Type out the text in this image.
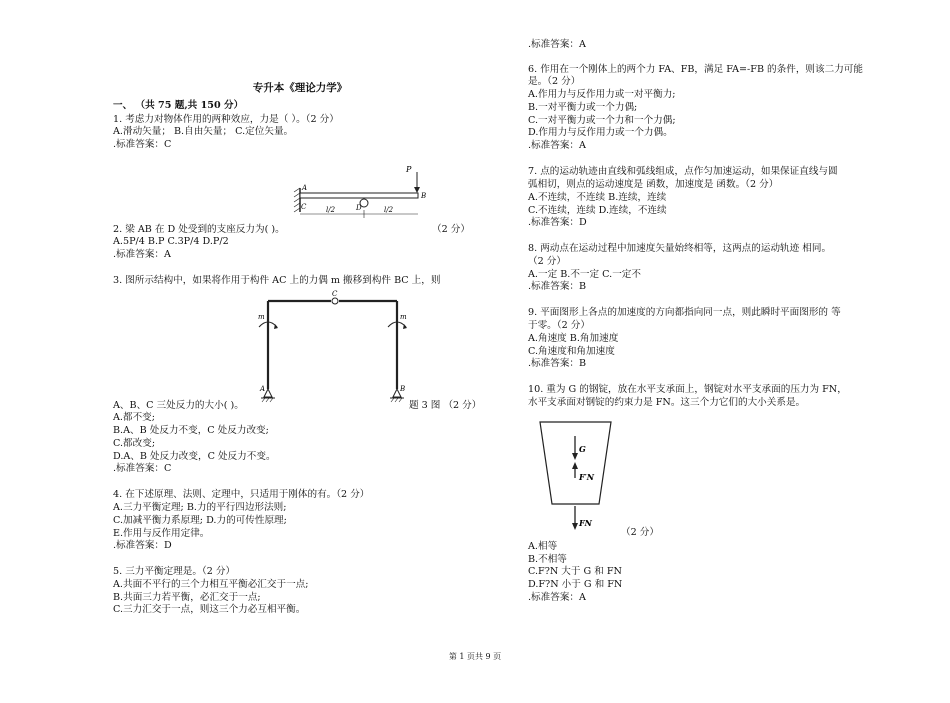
专升本《理论力学》
一、 （共 75 题,共 150 分）
1. 考虑力对物体作用的两种效应，力是（ ）。（2 分）
A.滑动矢量； B.自由矢量； C.定位矢量。
.标准答案：C
P
A
B
C	D
l/2	l/2
2. 梁 AB 在 D 处受到的支座反力为( )。	（2 分）
A.5P/4 B.P C.3P/4 D.P/2
.标准答案：A
3. 图所示结构中，如果将作用于构件 AC 上的力偶 m 搬移到构件 BC 上，则
C
A	B
m	m
A、B、C 三处反力的大小( )。	题 3 图 （2 分）
A.都不变;
B.A、B 处反力不变，C 处反力改变;
C.都改变;
D.A、B 处反力改变，C 处反力不变。
.标准答案：C
4. 在下述原理、法则、定理中，只适用于刚体的有。（2 分）
A.三力平衡定理; B.力的平行四边形法则;
C.加减平衡力系原理; D.力的可传性原理;
E.作用与反作用定律。
.标准答案：D
5. 三力平衡定理是。（2 分）
A.共面不平行的三个力相互平衡必汇交于一点;
B.共面三力若平衡，必汇交于一点;
C.三力汇交于一点，则这三个力必互相平衡。
.标准答案：A
6. 作用在一个刚体上的两个力 FA、FB，满足 FA=-FB 的条件，则该二力可能
是。（2 分）
A.作用力与反作用力或一对平衡力;
B.一对平衡力或一个力偶;
C.一对平衡力或一个力和一个力偶;
D.作用力与反作用力或一个力偶。
.标准答案：A
7. 点的运动轨迹由直线和弧线组成，点作匀加速运动，如果保证直线与圆
弧相切，则点的运动速度是 函数，加速度是 函数。（2 分）
A.不连续，不连续 B.连续，连续
C.不连续，连续 D.连续，不连续
.标准答案：D
8. 两动点在运动过程中加速度矢量始终相等，这两点的运动轨迹 相同。
（2 分）
A.一定 B.不一定 C.一定不
.标准答案：B
9. 平面图形上各点的加速度的方向都指向同一点，则此瞬时平面图形的 等
于零。（2 分）
A.角速度 B.角加速度
C.角速度和角加速度
.标准答案：B
10. 重为 G 的钢锭，放在水平支承面上，钢锭对水平支承面的压力为 FN，
水平支承面对钢锭的约束力是 FN。这三个力它们的大小关系是。
G
F′N
FN
（2 分）
A.相等
B.不相等
C.F?N 大于 G 和 FN
D.F?N 小于 G 和 FN
.标准答案：A
第 1 页共 9 页
